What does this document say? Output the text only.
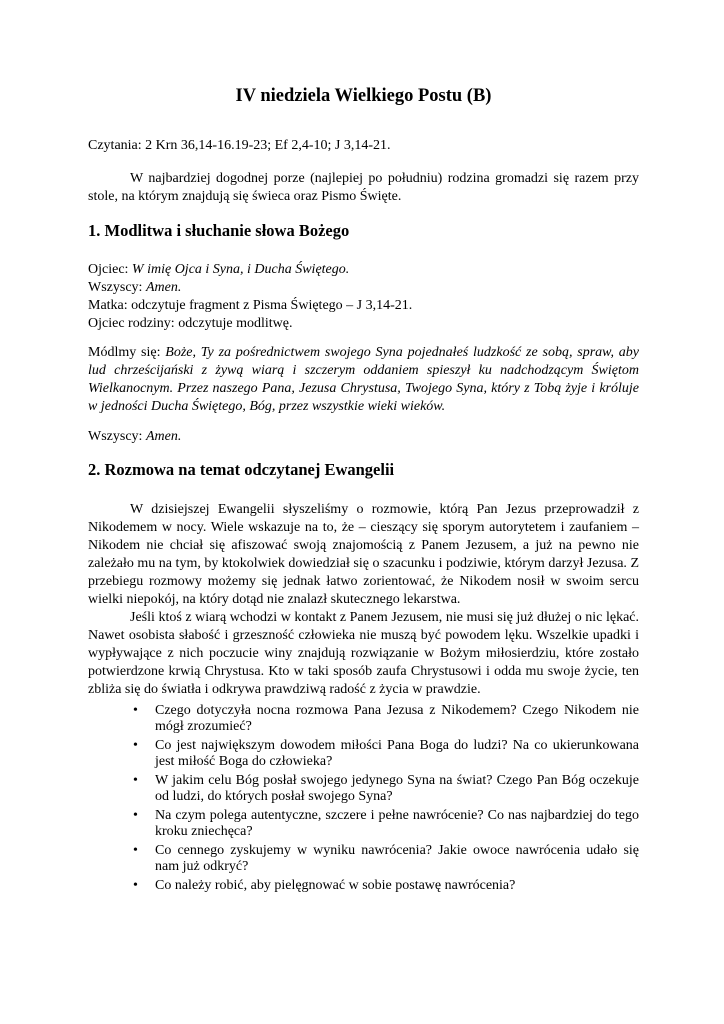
IV niedziela Wielkiego Postu (B)

Czytania: 2 Krn 36,14-16.19-23; Ef 2,4-10; J 3,14-21.

W najbardziej dogodnej porze (najlepiej po południu) rodzina gromadzi się razem przy stole, na którym znajdują się świeca oraz Pismo Święte.

1. Modlitwa i słuchanie słowa Bożego
Ojciec: W imię Ojca i Syna, i Ducha Świętego.
Wszyscy: Amen.
Matka: odczytuje fragment z Pisma Świętego – J 3,14-21.
Ojciec rodziny: odczytuje modlitwę.

Módlmy się: Boże, Ty za pośrednictwem swojego Syna pojednałeś ludzkość ze sobą, spraw, aby lud chrześcijański z żywą wiarą i szczerym oddaniem spieszył ku nadchodzącym Świętom Wielkanocnym. Przez naszego Pana, Jezusa Chrystusa, Twojego Syna, który z Tobą żyje i króluje w jedności Ducha Świętego, Bóg, przez wszystkie wieki wieków.

Wszyscy: Amen.

2. Rozmowa na temat odczytanej Ewangelii

W dzisiejszej Ewangelii słyszeliśmy o rozmowie, którą Pan Jezus przeprowadził z Nikodemem w nocy. Wiele wskazuje na to, że – cieszący się sporym autorytetem i zaufaniem – Nikodem nie chciał się afiszować swoją znajomością z Panem Jezusem, a już na pewno nie zależało mu na tym, by ktokolwiek dowiedział się o szacunku i podziwie, którym darzył Jezusa. Z przebiegu rozmowy możemy się jednak łatwo zorientować, że Nikodem nosił w swoim sercu wielki niepokój, na który dotąd nie znalazł skutecznego lekarstwa.

Jeśli ktoś z wiarą wchodzi w kontakt z Panem Jezusem, nie musi się już dłużej o nic lękać. Nawet osobista słabość i grzeszność człowieka nie muszą być powodem lęku. Wszelkie upadki i wypływające z nich poczucie winy znajdują rozwiązanie w Bożym miłosierdziu, które zostało potwierdzone krwią Chrystusa. Kto w taki sposób zaufa Chrystusowi i odda mu swoje życie, ten zbliża się do światła i odkrywa prawdziwą radość z życia w prawdzie.

• Czego dotyczyła nocna rozmowa Pana Jezusa z Nikodemem? Czego Nikodem nie mógł zrozumieć?
• Co jest największym dowodem miłości Pana Boga do ludzi? Na co ukierunkowana jest miłość Boga do człowieka?
• W jakim celu Bóg posłał swojego jedynego Syna na świat? Czego Pan Bóg oczekuje od ludzi, do których posłał swojego Syna?
• Na czym polega autentyczne, szczere i pełne nawrócenie? Co nas najbardziej do tego kroku zniechęca?
• Co cennego zyskujemy w wyniku nawrócenia? Jakie owoce nawrócenia udało się nam już odkryć?
• Co należy robić, aby pielęgnować w sobie postawę nawrócenia?
